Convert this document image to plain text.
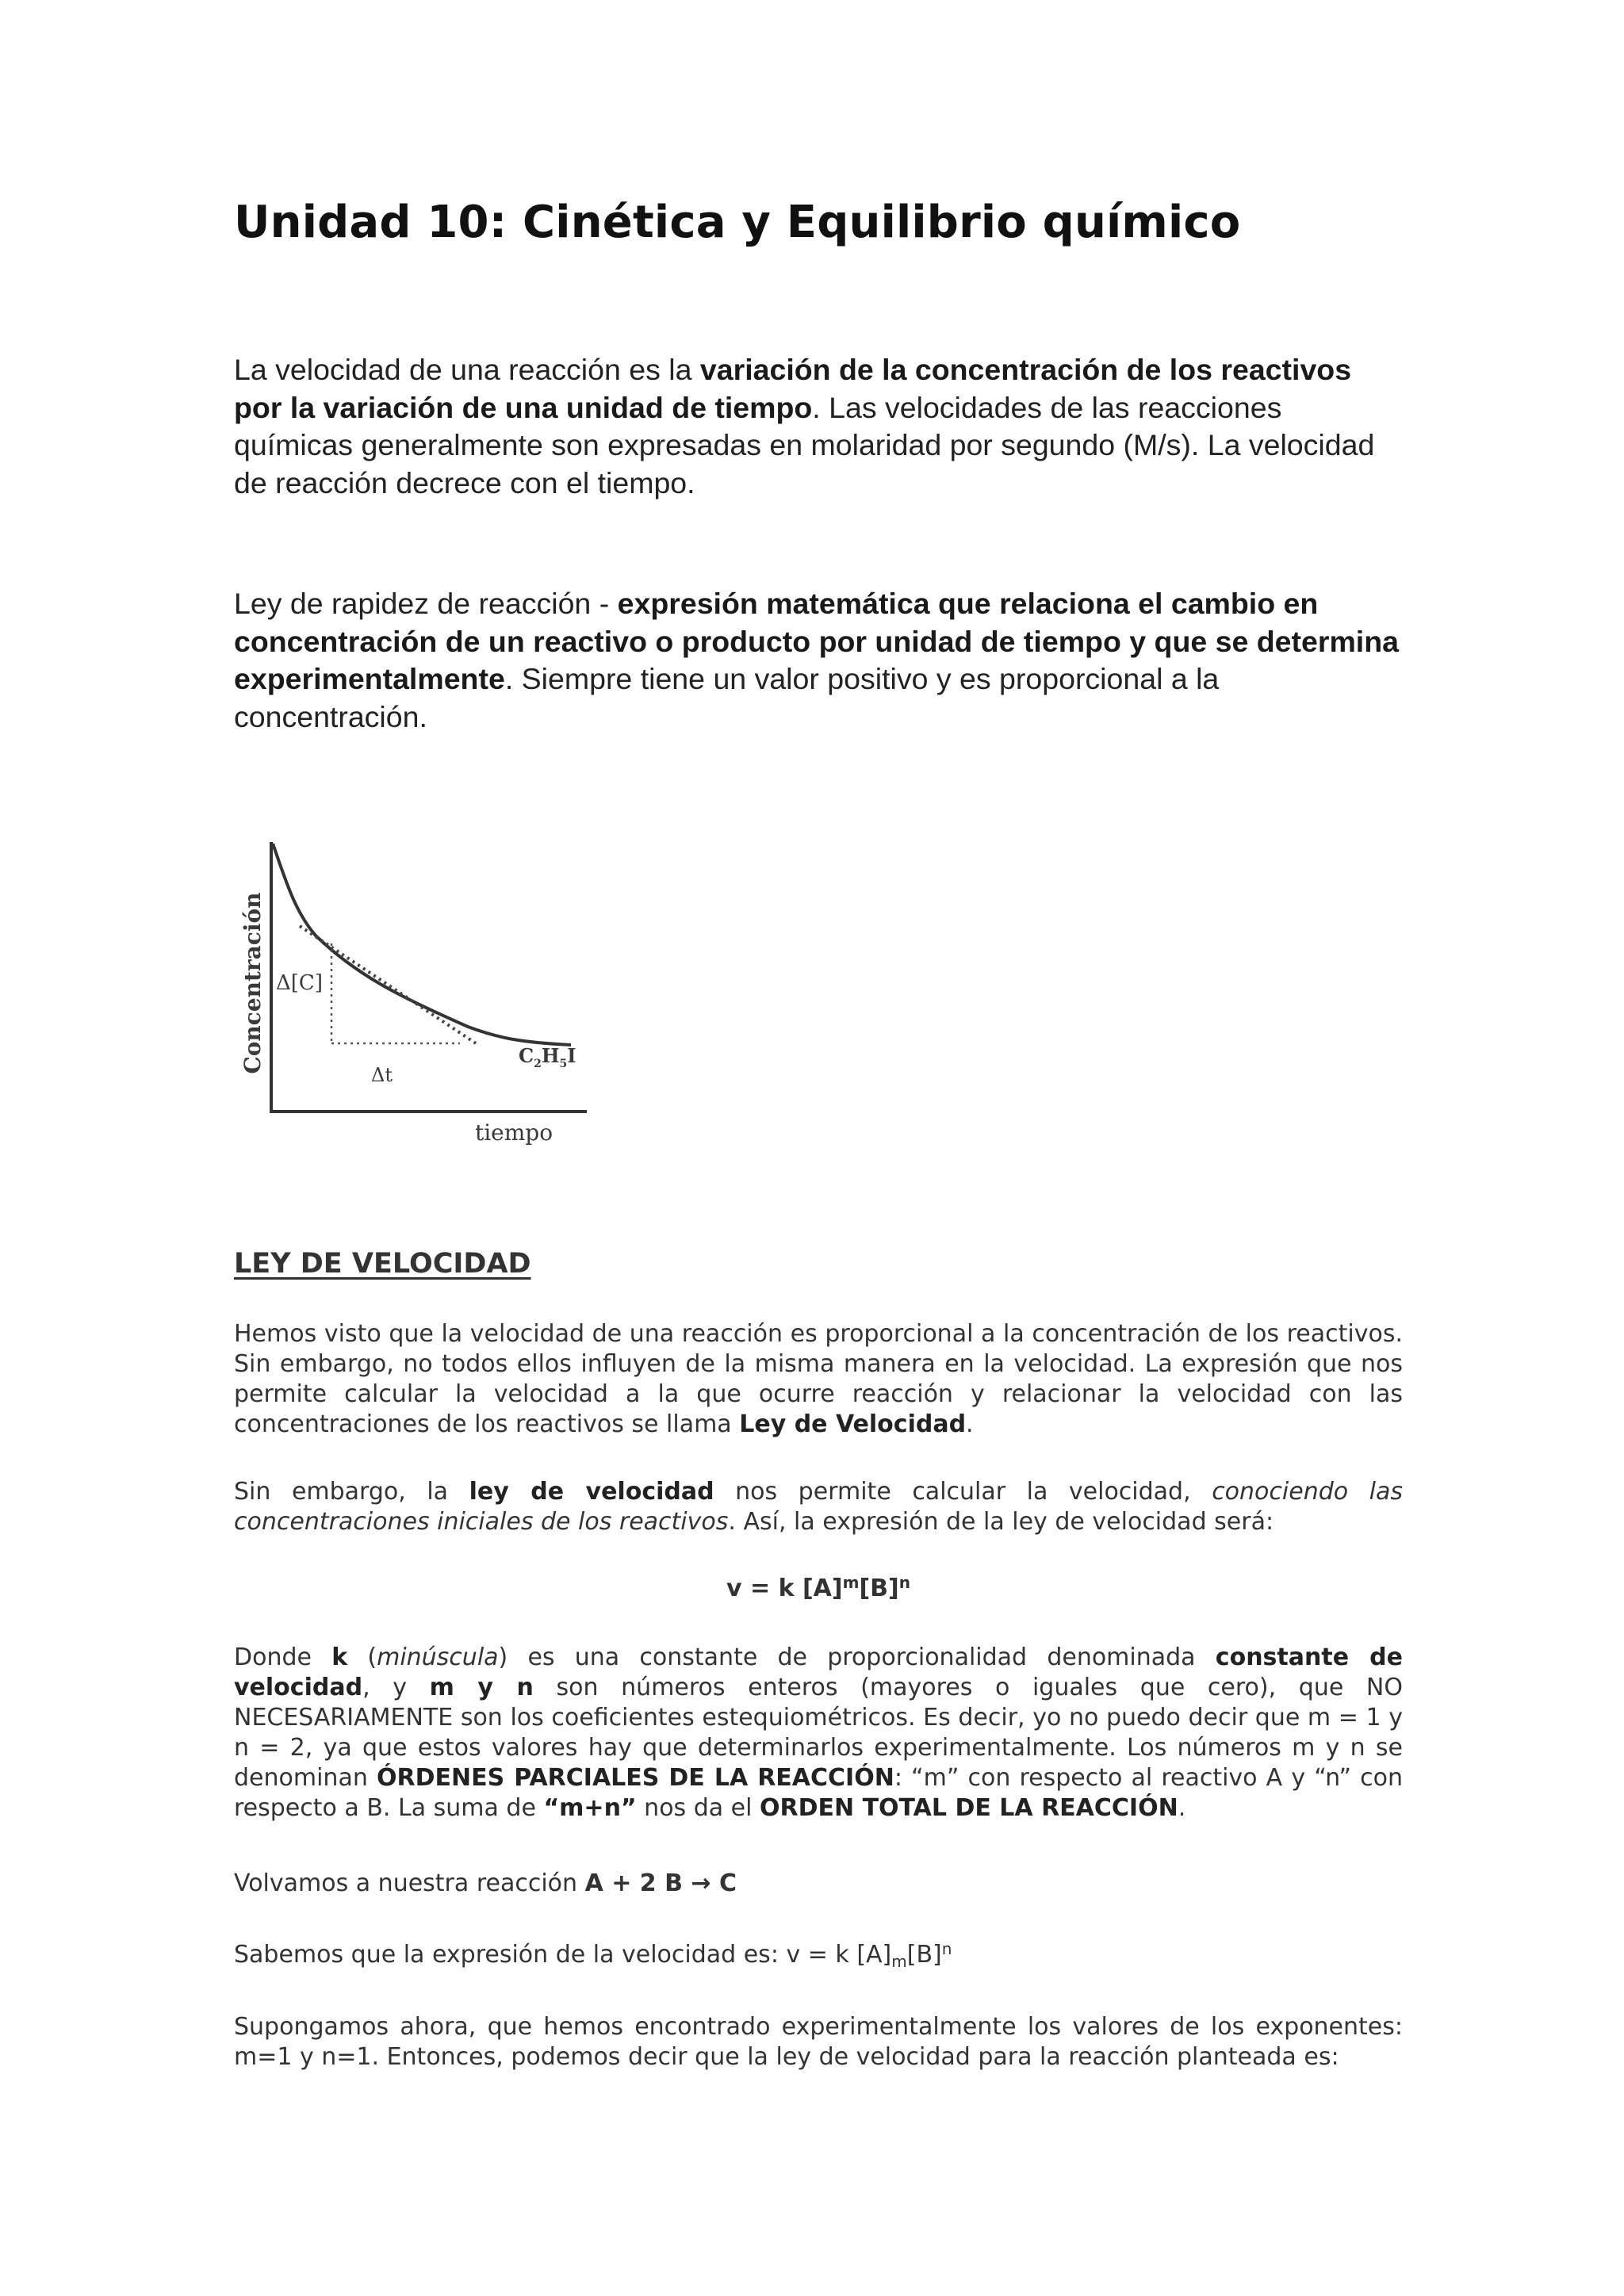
Unidad 10: Cinética y Equilibrio químico

La velocidad de una reacción es la variación de la concentración de los reactivos por la variación de una unidad de tiempo. Las velocidades de las reacciones químicas generalmente son expresadas en molaridad por segundo (M/s). La velocidad de reacción decrece con el tiempo.

Ley de rapidez de reacción - expresión matemática que relaciona el cambio en concentración de un reactivo o producto por unidad de tiempo y que se determina experimentalmente. Siempre tiene un valor positivo y es proporcional a la concentración.

Concentración Δ[C]
Δt
$C_2H_5I$
tiempo
LEY DE VELOCIDAD

Hemos visto que la velocidad de una reacción es proporcional a la concentración de los reactivos. Sin embargo, no todos ellos influyen de la misma manera en la velocidad. La expresión que nos permite calcular la velocidad a la que ocurre reacción y relacionar la velocidad con las concentraciones de los reactivos se llama Ley de Velocidad.

Sin embargo, la ley de velocidad nos permite calcular la velocidad, conociendo las concentraciones iniciales de los reactivos. Así, la expresión de la ley de velocidad será:

v = k $[A]^m[B]^n$

Donde k (minúscula) es una constante de proporcionalidad denominada constante de velocidad, y m y n son números enteros (mayores o iguales que cero), que NO NECESARIAMENTE son los coeficientes estequiométricos. Es decir, yo no puedo decir que m = 1 y n = 2, ya que estos valores hay que determinarlos experimentalmente. Los números m y n se denominan ÓRDENES PARCIALES DE LA REACCIÓN: “m” con respecto al reactivo A y “n” con respecto a B. La suma de “m+n” nos da el ORDEN TOTAL DE LA REACCIÓN.

Volvamos a nuestra reacción A + 2 B → C

Sabemos que la expresión de la velocidad es: v = k $[A]_m[B]^n$

Supongamos ahora, que hemos encontrado experimentalmente los valores de los exponentes: m=1 y n=1. Entonces, podemos decir que la ley de velocidad para la reacción planteada es:
